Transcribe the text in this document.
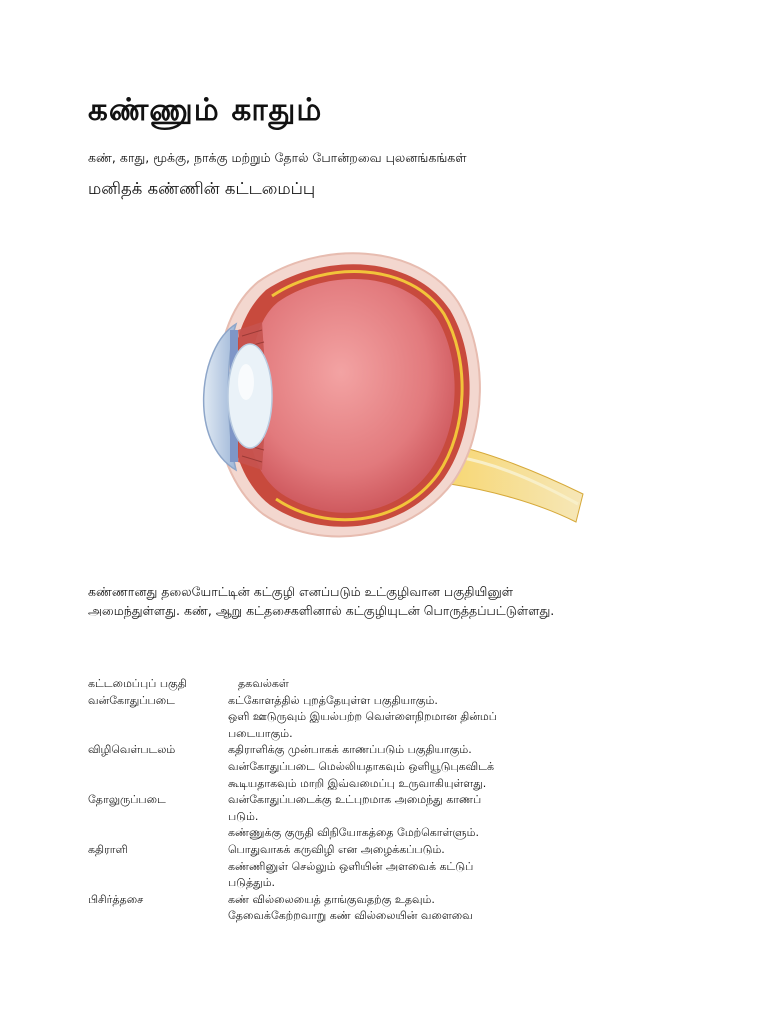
கண்ணும் காதும்

கண், காது, மூக்கு, நாக்கு மற்றும் தோல் போன்றவை புலனங்கங்கள்

மனிதக் கண்ணின் கட்டமைப்பு

கண்ணானது தலையோட்டின் கட்குழி எனப்படும் உட்குழிவான பகுதியினுள்
அமைந்துள்ளது. கண், ஆறு கட்தசைகளினால் கட்குழியுடன் பொருத்தப்பட்டுள்ளது.

கட்டமைப்புப் பகுதி	தகவல்கள்
வன்கோதுப்படை	கட்கோளத்தில் புறத்தேயுள்ள பகுதியாகும்.
ஒளி ஊடுருவும் இயல்பற்ற வெள்ளைநிறமான தின்மப்
படையாகும்.
விழிவெள்படலம்	கதிராளிக்கு முன்பாகக் காணப்படும் பகுதியாகும்.
வன்கோதுப்படை மெல்லியதாகவும் ஒளியூடுபுகவிடக்
கூடியதாகவும் மாறி இவ்வமைப்பு உருவாகியுள்ளது.
தோலுருப்படை	வன்கோதுப்படைக்கு உட்புறமாக அமைந்து காணப்
படும்.
கண்ணுக்கு குருதி விநியோகத்தை மேற்கொள்ளும்.
கதிராளி	பொதுவாகக் கருவிழி என அழைக்கப்படும்.
கண்ணினுள் செல்லும் ஒளியின் அளவைக் கட்டுப்
படுத்தும்.
பிசிர்த்தசை	கண் வில்லையைத் தாங்குவதற்கு உதவும்.
தேவைக்கேற்றவாறு கண் வில்லையின் வளைவை
